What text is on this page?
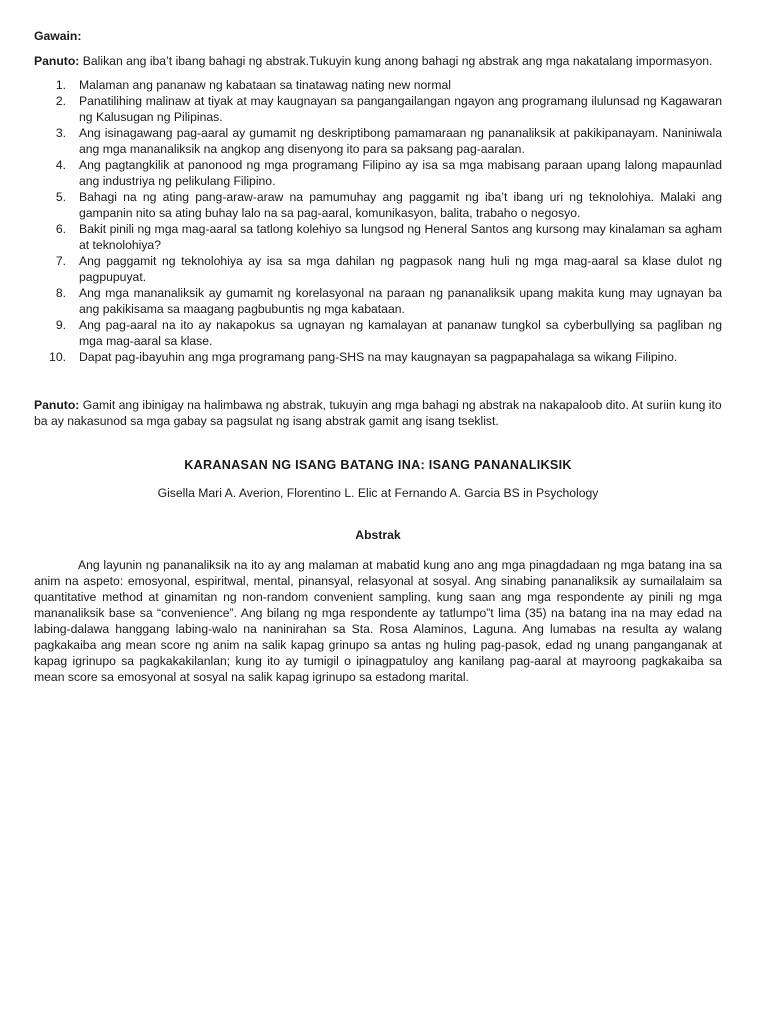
Gawain:

Panuto: Balikan ang iba’t ibang bahagi ng abstrak.Tukuyin kung anong bahagi ng abstrak ang mga nakatalang impormasyon.

1. Malaman ang pananaw ng kabataan sa tinatawag nating new normal
2. Panatilihing malinaw at tiyak at may kaugnayan sa pangangailangan ngayon ang programang ilulunsad ng Kagawaran ng Kalusugan ng Pilipinas.
3. Ang isinagawang pag-aaral ay gumamit ng deskriptibong pamamaraan ng pananaliksik at pakikipanayam. Naniniwala ang mga mananaliksik na angkop ang disenyong ito para sa paksang pag-aaralan.
4. Ang pagtangkilik at panonood ng mga programang Filipino ay isa sa mga mabisang paraan upang lalong mapaunlad ang industriya ng pelikulang Filipino.
5. Bahagi na ng ating pang-araw-araw na pamumuhay ang paggamit ng iba’t ibang uri ng teknolohiya. Malaki ang gampanin nito sa ating buhay lalo na sa pag-aaral, komunikasyon, balita, trabaho o negosyo.
6. Bakit pinili ng mga mag-aaral sa tatlong kolehiyo sa lungsod ng Heneral Santos ang kursong may kinalaman sa agham at teknolohiya?
7. Ang paggamit ng teknolohiya ay isa sa mga dahilan ng pagpasok nang huli ng mga mag-aaral sa klase dulot ng pagpupuyat.
8. Ang mga mananaliksik ay gumamit ng korelasyonal na paraan ng pananaliksik upang makita kung may ugnayan ba ang pakikisama sa maagang pagbubuntis ng mga kabataan.
9. Ang pag-aaral na ito ay nakapokus sa ugnayan ng kamalayan at pananaw tungkol sa cyberbullying sa pagliban ng mga mag-aaral sa klase.
10. Dapat pag-ibayuhin ang mga programang pang-SHS na may kaugnayan sa pagpapahalaga sa wikang Filipino.

Panuto: Gamit ang ibinigay na halimbawa ng abstrak, tukuyin ang mga bahagi ng abstrak na nakapaloob dito. At suriin kung ito ba ay nakasunod sa mga gabay sa pagsulat ng isang abstrak gamit ang isang tseklist.

KARANASAN NG ISANG BATANG INA: ISANG PANANALIKSIK

Gisella Mari A. Averion, Florentino L. Elic at Fernando A. Garcia BS in Psychology

Abstrak

Ang layunin ng pananaliksik na ito ay ang malaman at mabatid kung ano ang mga pinagdadaan ng mga batang ina sa anim na aspeto: emosyonal, espiritwal, mental, pinansyal, relasyonal at sosyal. Ang sinabing pananaliksik ay sumailalaim sa quantitative method at ginamitan ng non-random convenient sampling, kung saan ang mga respondente ay pinili ng mga mananaliksik base sa “convenience”. Ang bilang ng mga respondente ay tatlumpo”t lima (35) na batang ina na may edad na labing-dalawa hanggang labing-walo na naninirahan sa Sta. Rosa Alaminos, Laguna. Ang lumabas na resulta ay walang pagkakaiba ang mean score ng anim na salik kapag grinupo sa antas ng huling pag-pasok, edad ng unang panganganak at kapag igrinupo sa pagkakakilanlan; kung ito ay tumigil o ipinagpatuloy ang kanilang pag-aaral at mayroong pagkakaiba sa mean score sa emosyonal at sosyal na salik kapag igrinupo sa estadong marital.
